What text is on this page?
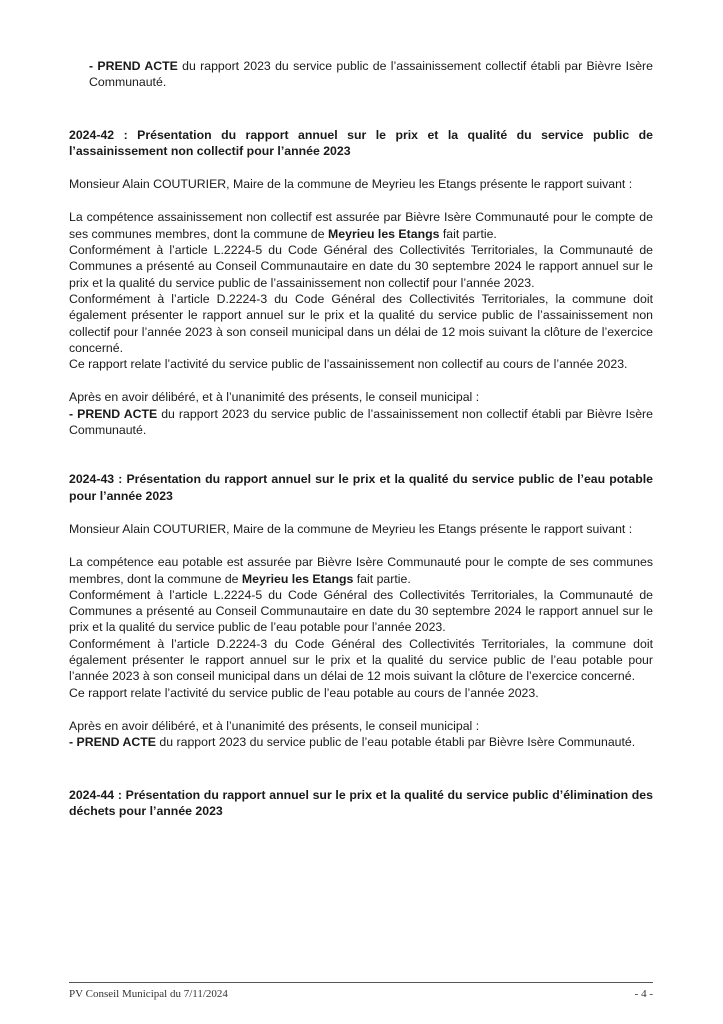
- PREND ACTE du rapport 2023 du service public de l’assainissement collectif établi par Bièvre Isère Communauté.

2024-42 : Présentation du rapport annuel sur le prix et la qualité du service public de l’assainissement non collectif pour l’année 2023

Monsieur Alain COUTURIER, Maire de la commune de Meyrieu les Etangs présente le rapport suivant :

La compétence assainissement non collectif est assurée par Bièvre Isère Communauté pour le compte de ses communes membres, dont la commune de Meyrieu les Etangs fait partie.

Conformément à l’article L.2224-5 du Code Général des Collectivités Territoriales, la Communauté de Communes a présenté au Conseil Communautaire en date du 30 septembre 2024 le rapport annuel sur le prix et la qualité du service public de l’assainissement non collectif pour l’année 2023.

Conformément à l’article D.2224-3 du Code Général des Collectivités Territoriales, la commune doit également présenter le rapport annuel sur le prix et la qualité du service public de l’assainissement non collectif pour l’année 2023 à son conseil municipal dans un délai de 12 mois suivant la clôture de l’exercice concerné.

Ce rapport relate l’activité du service public de l’assainissement non collectif au cours de l’année 2023.

Après en avoir délibéré, et à l’unanimité des présents, le conseil municipal :

- PREND ACTE du rapport 2023 du service public de l’assainissement non collectif établi par Bièvre Isère Communauté.

2024-43 : Présentation du rapport annuel sur le prix et la qualité du service public de l’eau potable pour l’année 2023

Monsieur Alain COUTURIER, Maire de la commune de Meyrieu les Etangs présente le rapport suivant :

La compétence eau potable est assurée par Bièvre Isère Communauté pour le compte de ses communes membres, dont la commune de Meyrieu les Etangs fait partie.

Conformément à l’article L.2224-5 du Code Général des Collectivités Territoriales, la Communauté de Communes a présenté au Conseil Communautaire en date du 30 septembre 2024 le rapport annuel sur le prix et la qualité du service public de l’eau potable pour l’année 2023.

Conformément à l’article D.2224-3 du Code Général des Collectivités Territoriales, la commune doit également présenter le rapport annuel sur le prix et la qualité du service public de l’eau potable pour l’année 2023 à son conseil municipal dans un délai de 12 mois suivant la clôture de l’exercice concerné.

Ce rapport relate l’activité du service public de l’eau potable au cours de l’année 2023.

Après en avoir délibéré, et à l’unanimité des présents, le conseil municipal :

- PREND ACTE du rapport 2023 du service public de l’eau potable établi par Bièvre Isère Communauté.

2024-44 : Présentation du rapport annuel sur le prix et la qualité du service public d’élimination des déchets pour l’année 2023

PV Conseil Municipal du 7/11/2024	- 4 -
